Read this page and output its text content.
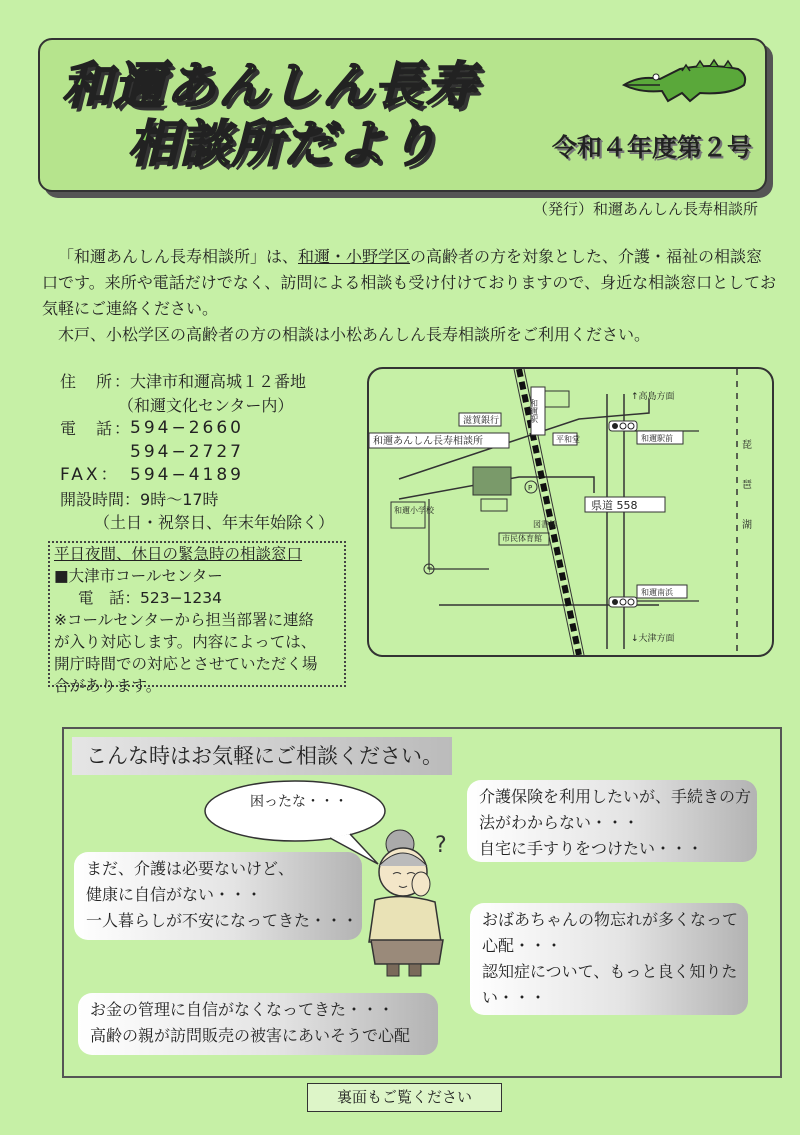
和邇あんしん長寿
相談所だより	令和４年度第２号
（発行）和邇あんしん長寿相談所

「和邇あんしん長寿相談所」は、和邇・小野学区の高齢者の方を対象とした、介護・福祉の相談窓口です。来所や電話だけでなく、訪問による相談も受け付けておりますので、身近な相談窓口としてお気軽にご連絡ください。

木戸、小松学区の高齢者の方の相談は小松あんしん長寿相談所をご利用ください。

住　所：
大津市和邇高城１２番地
（和邇文化センター内）
電　話：
594−2660
594−2727
FAX： 594−4189
開設時間： 9時〜17時
（土日・祝祭日、年末年始除く）
平日夜間、休日の緊急時の相談窓口
■大津市コールセンター
電　話：523−1234
※コールセンターから担当部署に連絡
が入り対応します。内容によっては、
開庁時間での対応とさせていただく場
合があります。
滋賀銀行
和邇あんしん長寿相談所
和邇駅
平和堂
和邇小学校
図書館
市民体育館
県道 558
↑高島方面
↓大津方面
和邇駅前
和邇南浜
琵琶湖
P
〒
こんな時はお気軽にご相談ください。
困ったな・・・
まだ、介護は必要ないけど、
健康に自信がない・・・
一人暮らしが不安になってきた・・・
介護保険を利用したいが、手続きの方
法がわからない・・・
自宅に手すりをつけたい・・・
おばあちゃんの物忘れが多くなって
心配・・・
認知症について、もっと良く知りた
い・・・
お金の管理に自信がなくなってきた・・・
高齢の親が訪問販売の被害にあいそうで心配
?
裏面もご覧ください
